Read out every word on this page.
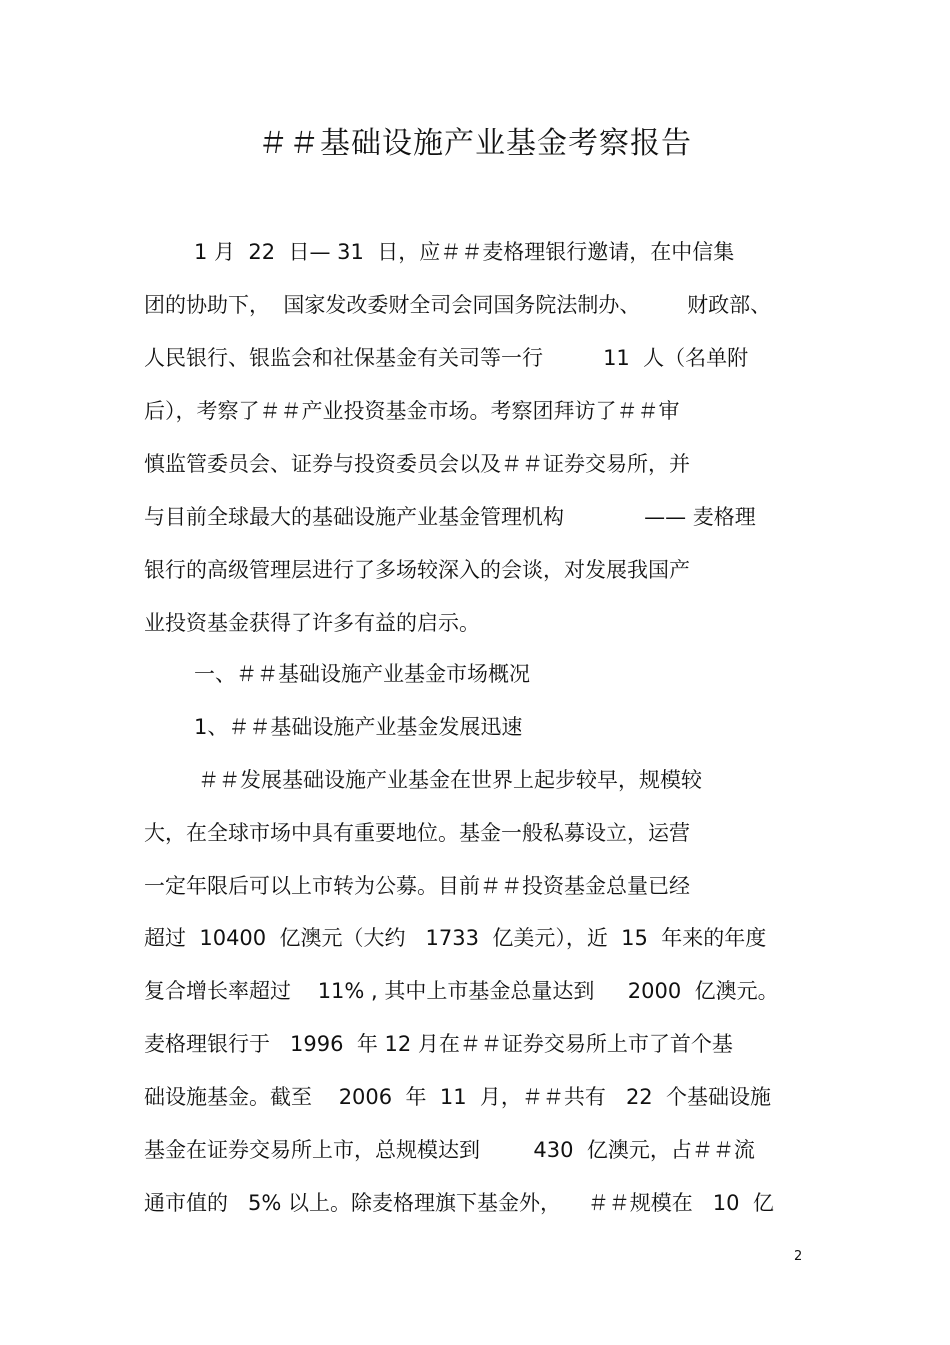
＃＃基础设施产业基金考察报告
1 月  22  日— 31  日，应＃＃麦格理银行邀请，在中信集
团的协助下，  国家发改委财全司会同国务院法制办、       财政部、
人民银行、银监会和社保基金有关司等一行         11  人（名单附
后），考察了＃＃产业投资基金市场。考察团拜访了＃＃审
慎监管委员会、证券与投资委员会以及＃＃证券交易所，并
与目前全球最大的基础设施产业基金管理机构            —— 麦格理
银行的高级管理层进行了多场较深入的会谈，对发展我国产
业投资基金获得了许多有益的启示。
一、＃＃基础设施产业基金市场概况
1、＃＃基础设施产业基金发展迅速
＃＃发展基础设施产业基金在世界上起步较早，规模较
大，在全球市场中具有重要地位。基金一般私募设立，运营
一定年限后可以上市转为公募。目前＃＃投资基金总量已经
超过  10400  亿澳元（大约   1733  亿美元），近  15  年来的年度
复合增长率超过    11% , 其中上市基金总量达到     2000  亿澳元。
麦格理银行于   1996  年 12 月在＃＃证券交易所上市了首个基
础设施基金。截至    2006  年  11  月，＃＃共有   22  个基础设施
基金在证券交易所上市，总规模达到        430  亿澳元，占＃＃流
通市值的   5% 以上。除麦格理旗下基金外，    ＃＃规模在   10  亿
2
